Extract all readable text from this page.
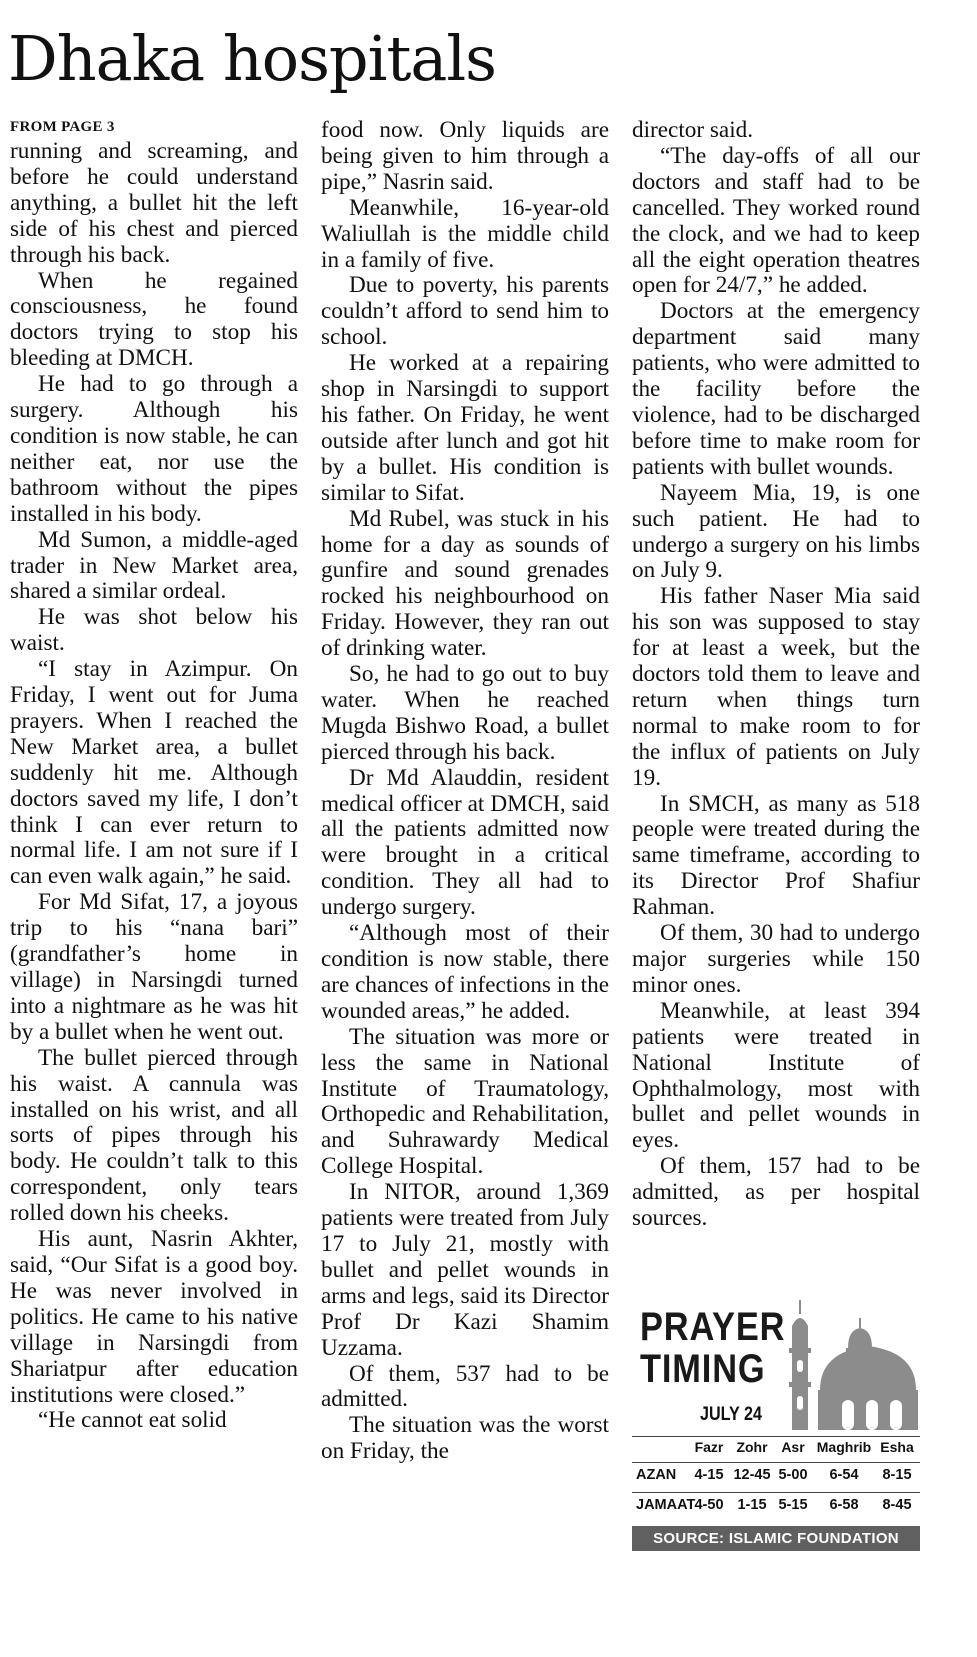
Dhaka hospitals
FROM PAGE 3

running and screaming, and before he could understand anything, a bullet hit the left side of his chest and pierced through his back.

When he regained consciousness, he found doctors trying to stop his bleeding at DMCH.

He had to go through a surgery. Although his condition is now stable, he can neither eat, nor use the bathroom without the pipes installed in his body.

Md Sumon, a middle-aged trader in New Market area, shared a similar ordeal.

He was shot below his waist.

“I stay in Azimpur. On Friday, I went out for Juma prayers. When I reached the New Market area, a bullet suddenly hit me. Although doctors saved my life, I don’t think I can ever return to normal life. I am not sure if I can even walk again,” he said.

For Md Sifat, 17, a joyous trip to his “nana bari” (grandfather’s home in village) in Narsingdi turned into a nightmare as he was hit by a bullet when he went out.

The bullet pierced through his waist. A cannula was installed on his wrist, and all sorts of pipes through his body. He couldn’t talk to this correspondent, only tears rolled down his cheeks.

His aunt, Nasrin Akhter, said, “Our Sifat is a good boy. He was never involved in politics. He came to his native village in Narsingdi from Shariatpur after education institutions were closed.”

“He cannot eat solid

food now. Only liquids are being given to him through a pipe,” Nasrin said.

Meanwhile, 16-year-old Waliullah is the middle child in a family of five.

Due to poverty, his parents couldn’t afford to send him to school.

He worked at a repairing shop in Narsingdi to support his father. On Friday, he went outside after lunch and got hit by a bullet. His condition is similar to Sifat.

Md Rubel, was stuck in his home for a day as sounds of gunfire and sound grenades rocked his neighbourhood on Friday. However, they ran out of drinking water.

So, he had to go out to buy water. When he reached Mugda Bishwo Road, a bullet pierced through his back.

Dr Md Alauddin, resident medical officer at DMCH, said all the patients admitted now were brought in a critical condition. They all had to undergo surgery.

“Although most of their condition is now stable, there are chances of infections in the wounded areas,” he added.

The situation was more or less the same in National Institute of Traumatology, Orthopedic and Rehabilitation, and Suhrawardy Medical College Hospital.

In NITOR, around 1,369 patients were treated from July 17 to July 21, mostly with bullet and pellet wounds in arms and legs, said its Director Prof Dr Kazi Shamim Uzzama.

Of them, 537 had to be admitted.

The situation was the worst on Friday, the

director said.

“The day-offs of all our doctors and staff had to be cancelled. They worked round the clock, and we had to keep all the eight operation theatres open for 24/7,” he added.

Doctors at the emergency department said many patients, who were admitted to the facility before the violence, had to be discharged before time to make room for patients with bullet wounds.

Nayeem Mia, 19, is one such patient. He had to undergo a surgery on his limbs on July 9.

His father Naser Mia said his son was supposed to stay for at least a week, but the doctors told them to leave and return when things turn normal to make room to for the influx of patients on July 19.

In SMCH, as many as 518 people were treated during the same timeframe, according to its Director Prof Shafiur Rahman.

Of them, 30 had to undergo major surgeries while 150 minor ones.

Meanwhile, at least 394 patients were treated in National Institute of Ophthalmology, most with bullet and pellet wounds in eyes.

Of them, 157 had to be admitted, as per hospital sources.

PRAYER
TIMING
JULY 24
Fazr Zohr Asr Maghrib Esha
AZAN	4-15 12-45 5-00	6-54	8-15
JAMAAT 4-50 1-15 5-15	6-58	8-45
SOURCE: ISLAMIC FOUNDATION
